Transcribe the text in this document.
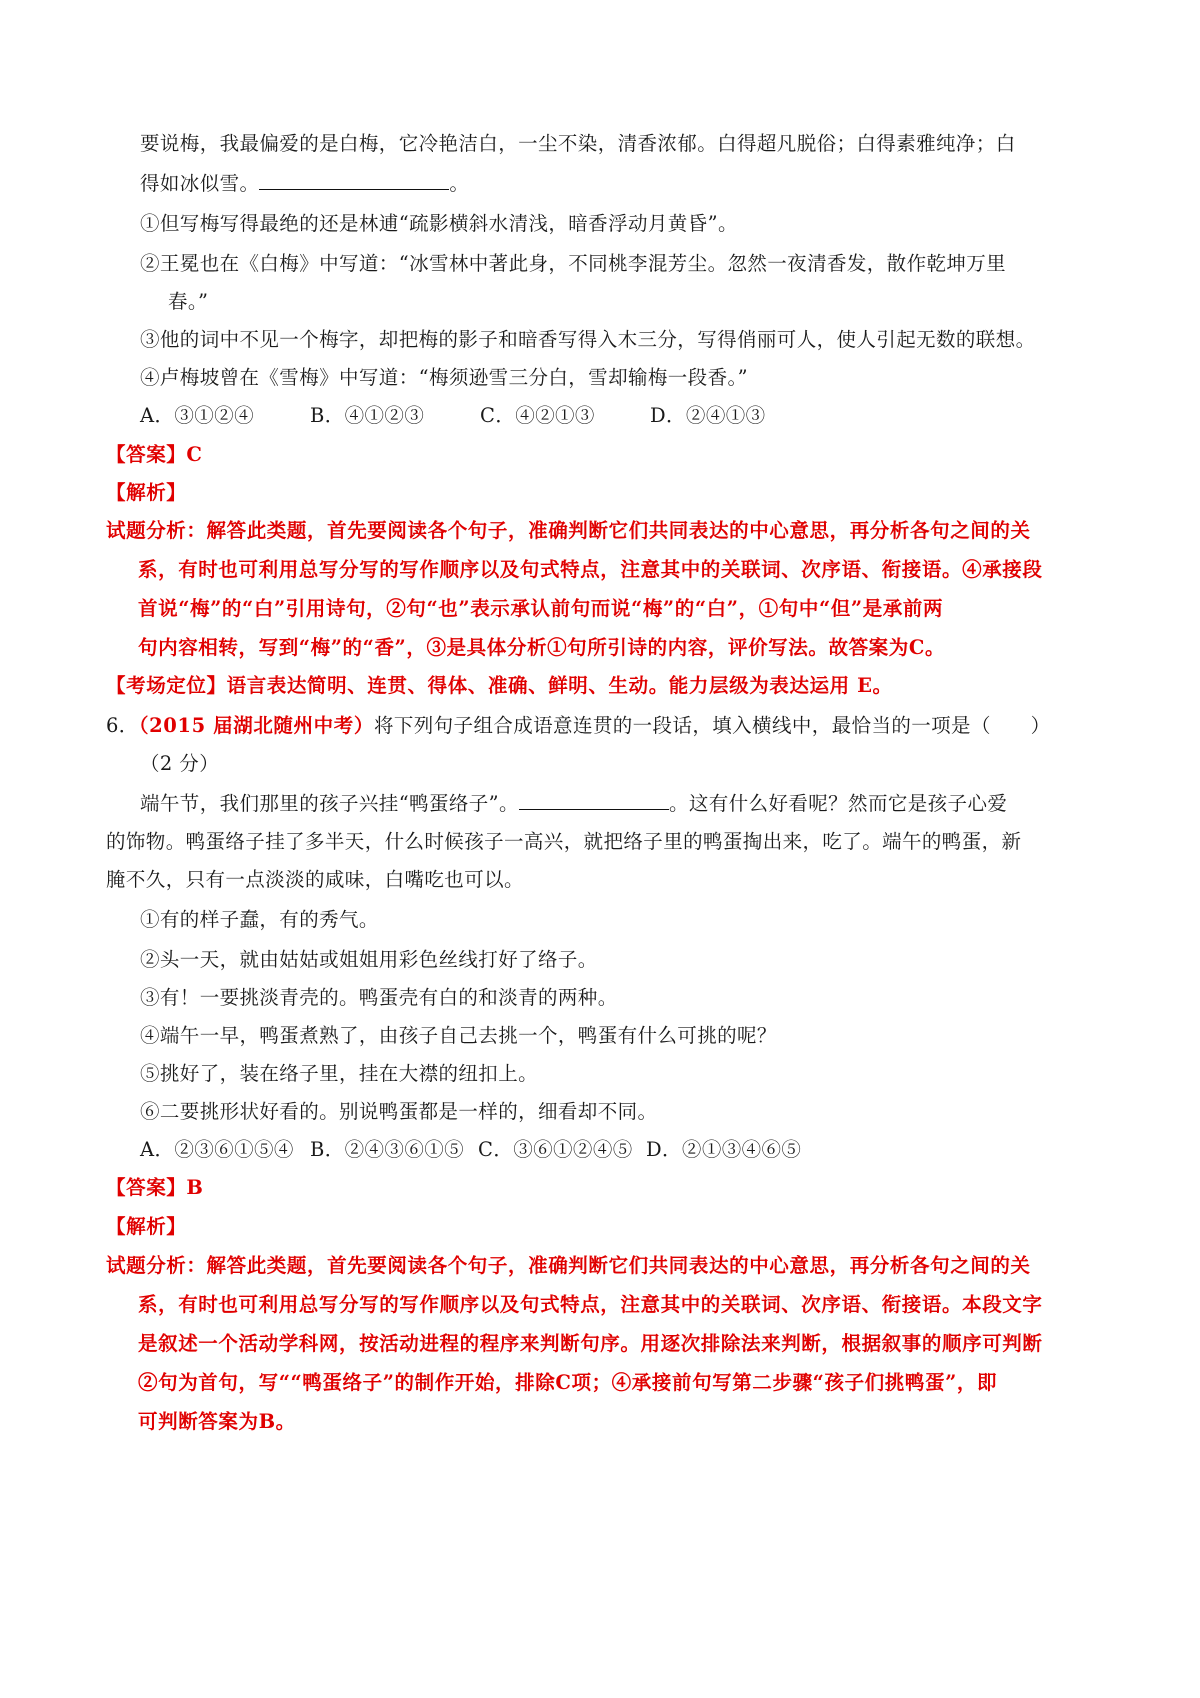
要说梅，我最偏爱的是白梅，它冷艳洁白，一尘不染，清香浓郁。白得超凡脱俗；白得素雅纯净；白
得如冰似雪。	。
①但写梅写得最绝的还是林逋“疏影横斜水清浅，暗香浮动月黄昏”。
②王冕也在《白梅》中写道：“冰雪林中著此身，不同桃李混芳尘。忽然一夜清香发，散作乾坤万里
春。”
③他的词中不见一个梅字，却把梅的影子和暗香写得入木三分，写得俏丽可人，使人引起无数的联想。
④卢梅坡曾在《雪梅》中写道：“梅须逊雪三分白，雪却输梅一段香。”
A．③①②④	B．④①②③	C．④②①③	D．②④①③
【答案】C
【解析】
试题分析：解答此类题，首先要阅读各个句子，准确判断它们共同表达的中心意思，再分析各句之间的关
系，有时也可利用总写分写的写作顺序以及句式特点，注意其中的关联词、次序语、衔接语。④承接段
首说“梅”的“白”引用诗句，②句“也”表示承认前句而说“梅”的“白”，①句中“但”是承前两
句内容相转，写到“梅”的“香”，③是具体分析①句所引诗的内容，评价写法。故答案为C。
【考场定位】语言表达简明、连贯、得体、准确、鲜明、生动。能力层级为表达运用 E。
6．（2015 届湖北随州中考）将下列句子组合成语意连贯的一段话，填入横线中，最恰当的一项是（　　）
（2 分）
端午节，我们那里的孩子兴挂“鸭蛋络子”。	。这有什么好看呢？然而它是孩子心爱
的饰物。鸭蛋络子挂了多半天，什么时候孩子一高兴，就把络子里的鸭蛋掏出来，吃了。端午的鸭蛋，新
腌不久，只有一点淡淡的咸味，白嘴吃也可以。
①有的样子蠢，有的秀气。
②头一天，就由姑姑或姐姐用彩色丝线打好了络子。
③有！一要挑淡青壳的。鸭蛋壳有白的和淡青的两种。
④端午一早，鸭蛋煮熟了，由孩子自己去挑一个，鸭蛋有什么可挑的呢？
⑤挑好了，装在络子里，挂在大襟的纽扣上。
⑥二要挑形状好看的。别说鸭蛋都是一样的，细看却不同。
A．②③⑥①⑤④ B．②④③⑥①⑤ C．③⑥①②④⑤ D．②①③④⑥⑤
【答案】B
【解析】
试题分析：解答此类题，首先要阅读各个句子，准确判断它们共同表达的中心意思，再分析各句之间的关
系，有时也可利用总写分写的写作顺序以及句式特点，注意其中的关联词、次序语、衔接语。本段文字
是叙述一个活动学科网，按活动进程的程序来判断句序。用逐次排除法来判断，根据叙事的顺序可判断
②句为首句，写““鸭蛋络子”的制作开始，排除C项；④承接前句写第二步骤“孩子们挑鸭蛋”，即
可判断答案为B。
